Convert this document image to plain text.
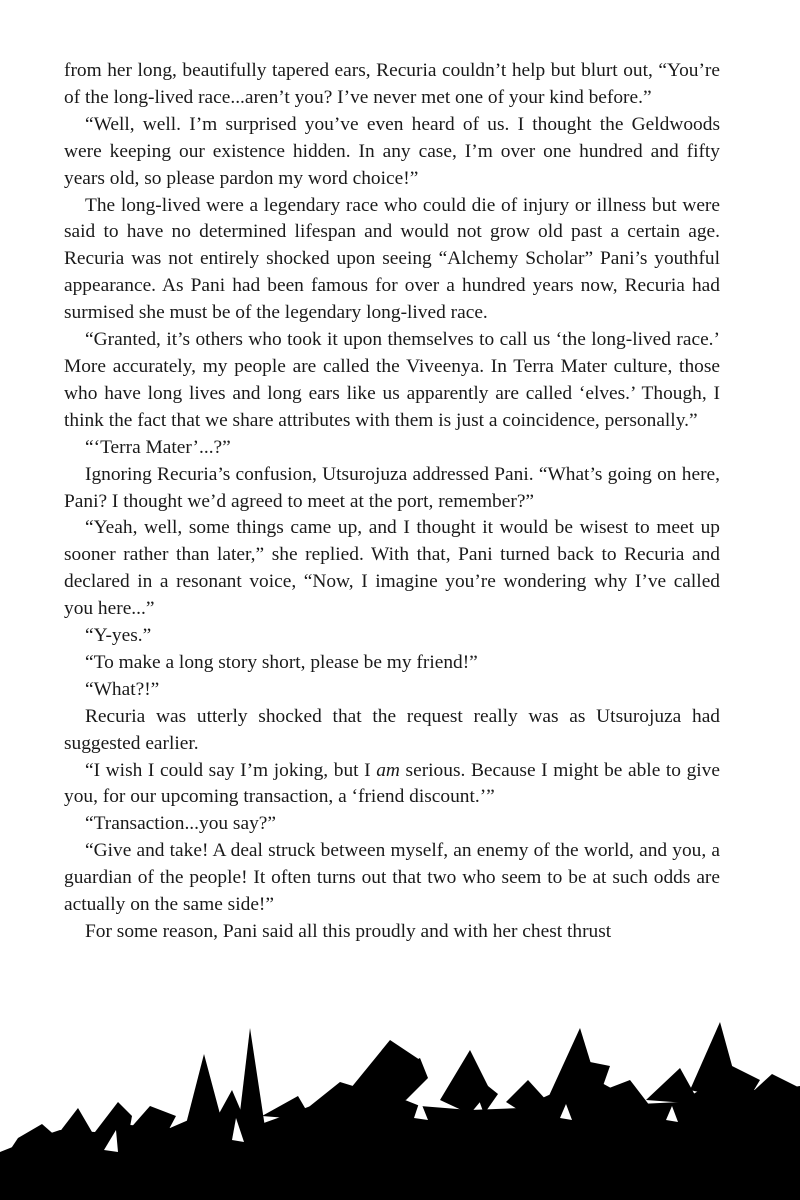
from her long, beautifully tapered ears, Recuria couldn’t help but blurt out, “You’re of the long-lived race...aren’t you? I’ve never met one of your kind before.”

“Well, well. I’m surprised you’ve even heard of us. I thought the Geldwoods were keeping our existence hidden. In any case, I’m over one hundred and fifty years old, so please pardon my word choice!”

The long-lived were a legendary race who could die of injury or illness but were said to have no determined lifespan and would not grow old past a certain age. Recuria was not entirely shocked upon seeing “Alchemy Scholar” Pani’s youthful appearance. As Pani had been famous for over a hundred years now, Recuria had surmised she must be of the legendary long-lived race.

“Granted, it’s others who took it upon themselves to call us ‘the long-lived race.’ More accurately, my people are called the Viveenya. In Terra Mater culture, those who have long lives and long ears like us apparently are called ‘elves.’ Though, I think the fact that we share attributes with them is just a coincidence, personally.”

“‘Terra Mater’...?”

Ignoring Recuria’s confusion, Utsurojuza addressed Pani. “What’s going on here, Pani? I thought we’d agreed to meet at the port, remember?”

“Yeah, well, some things came up, and I thought it would be wisest to meet up sooner rather than later,” she replied. With that, Pani turned back to Recuria and declared in a resonant voice, “Now, I imagine you’re wondering why I’ve called you here...”

“Y-yes.”

“To make a long story short, please be my friend!”

“What?!”

Recuria was utterly shocked that the request really was as Utsurojuza had suggested earlier.

“I wish I could say I’m joking, but I am serious. Because I might be able to give you, for our upcoming transaction, a ‘friend discount.’”

“Transaction...you say?”

“Give and take! A deal struck between myself, an enemy of the world, and you, a guardian of the people! It often turns out that two who seem to be at such odds are actually on the same side!”

For some reason, Pani said all this proudly and with her chest thrust
